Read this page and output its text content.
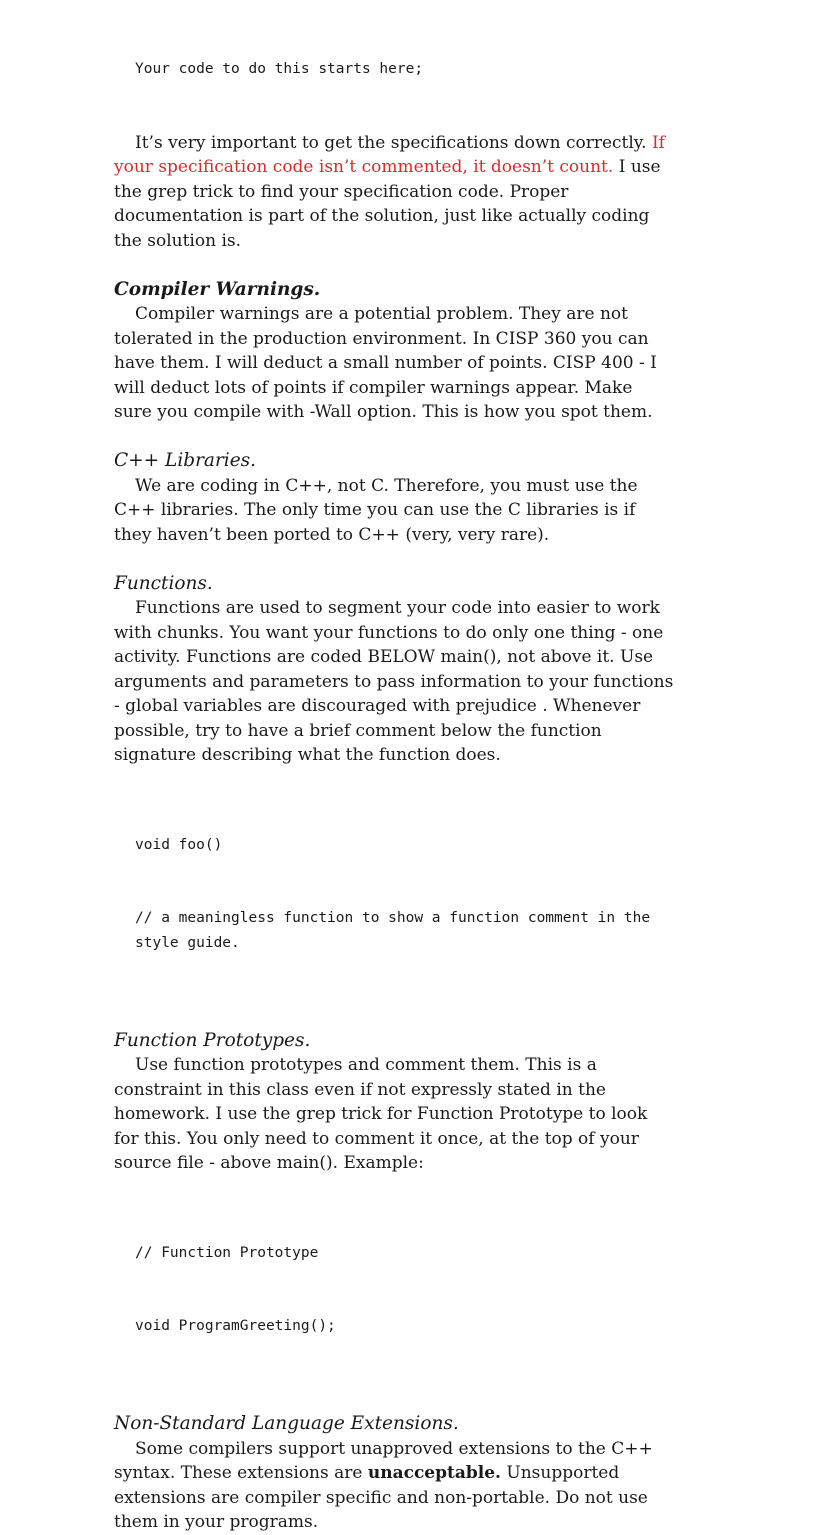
Your code to do this starts here;

It’s very important to get the specifications down correctly. If your specification code isn’t commented, it doesn’t count. I use the grep trick to find your specification code. Proper documentation is part of the solution, just like actually coding the solution is.

Compiler Warnings.

Compiler warnings are a potential problem. They are not tolerated in the production environment. In CISP 360 you can have them. I will deduct a small number of points. CISP 400 - I will deduct lots of points if compiler warnings appear. Make sure you compile with -Wall option. This is how you spot them.

C++ Libraries.

We are coding in C++, not C. Therefore, you must use the C++ libraries. The only time you can use the C libraries is if they haven’t been ported to C++ (very, very rare).

Functions.

Functions are used to segment your code into easier to work with chunks. You want your functions to do only one thing - one activity. Functions are coded BELOW main(), not above it. Use arguments and parameters to pass information to your functions - global variables are discouraged with prejudice . Whenever possible, try to have a brief comment below the function signature describing what the function does.

void foo()

// a meaningless function to show a function comment in the style guide.

Function Prototypes.

Use function prototypes and comment them. This is a constraint in this class even if not expressly stated in the homework. I use the grep trick for Function Prototype to look for this. You only need to comment it once, at the top of your source file - above main(). Example:

// Function Prototype

void ProgramGreeting();

Non-Standard Language Extensions.

Some compilers support unapproved extensions to the C++ syntax. These extensions are unacceptable. Unsupported extensions are compiler specific and non-portable. Do not use them in your programs.
